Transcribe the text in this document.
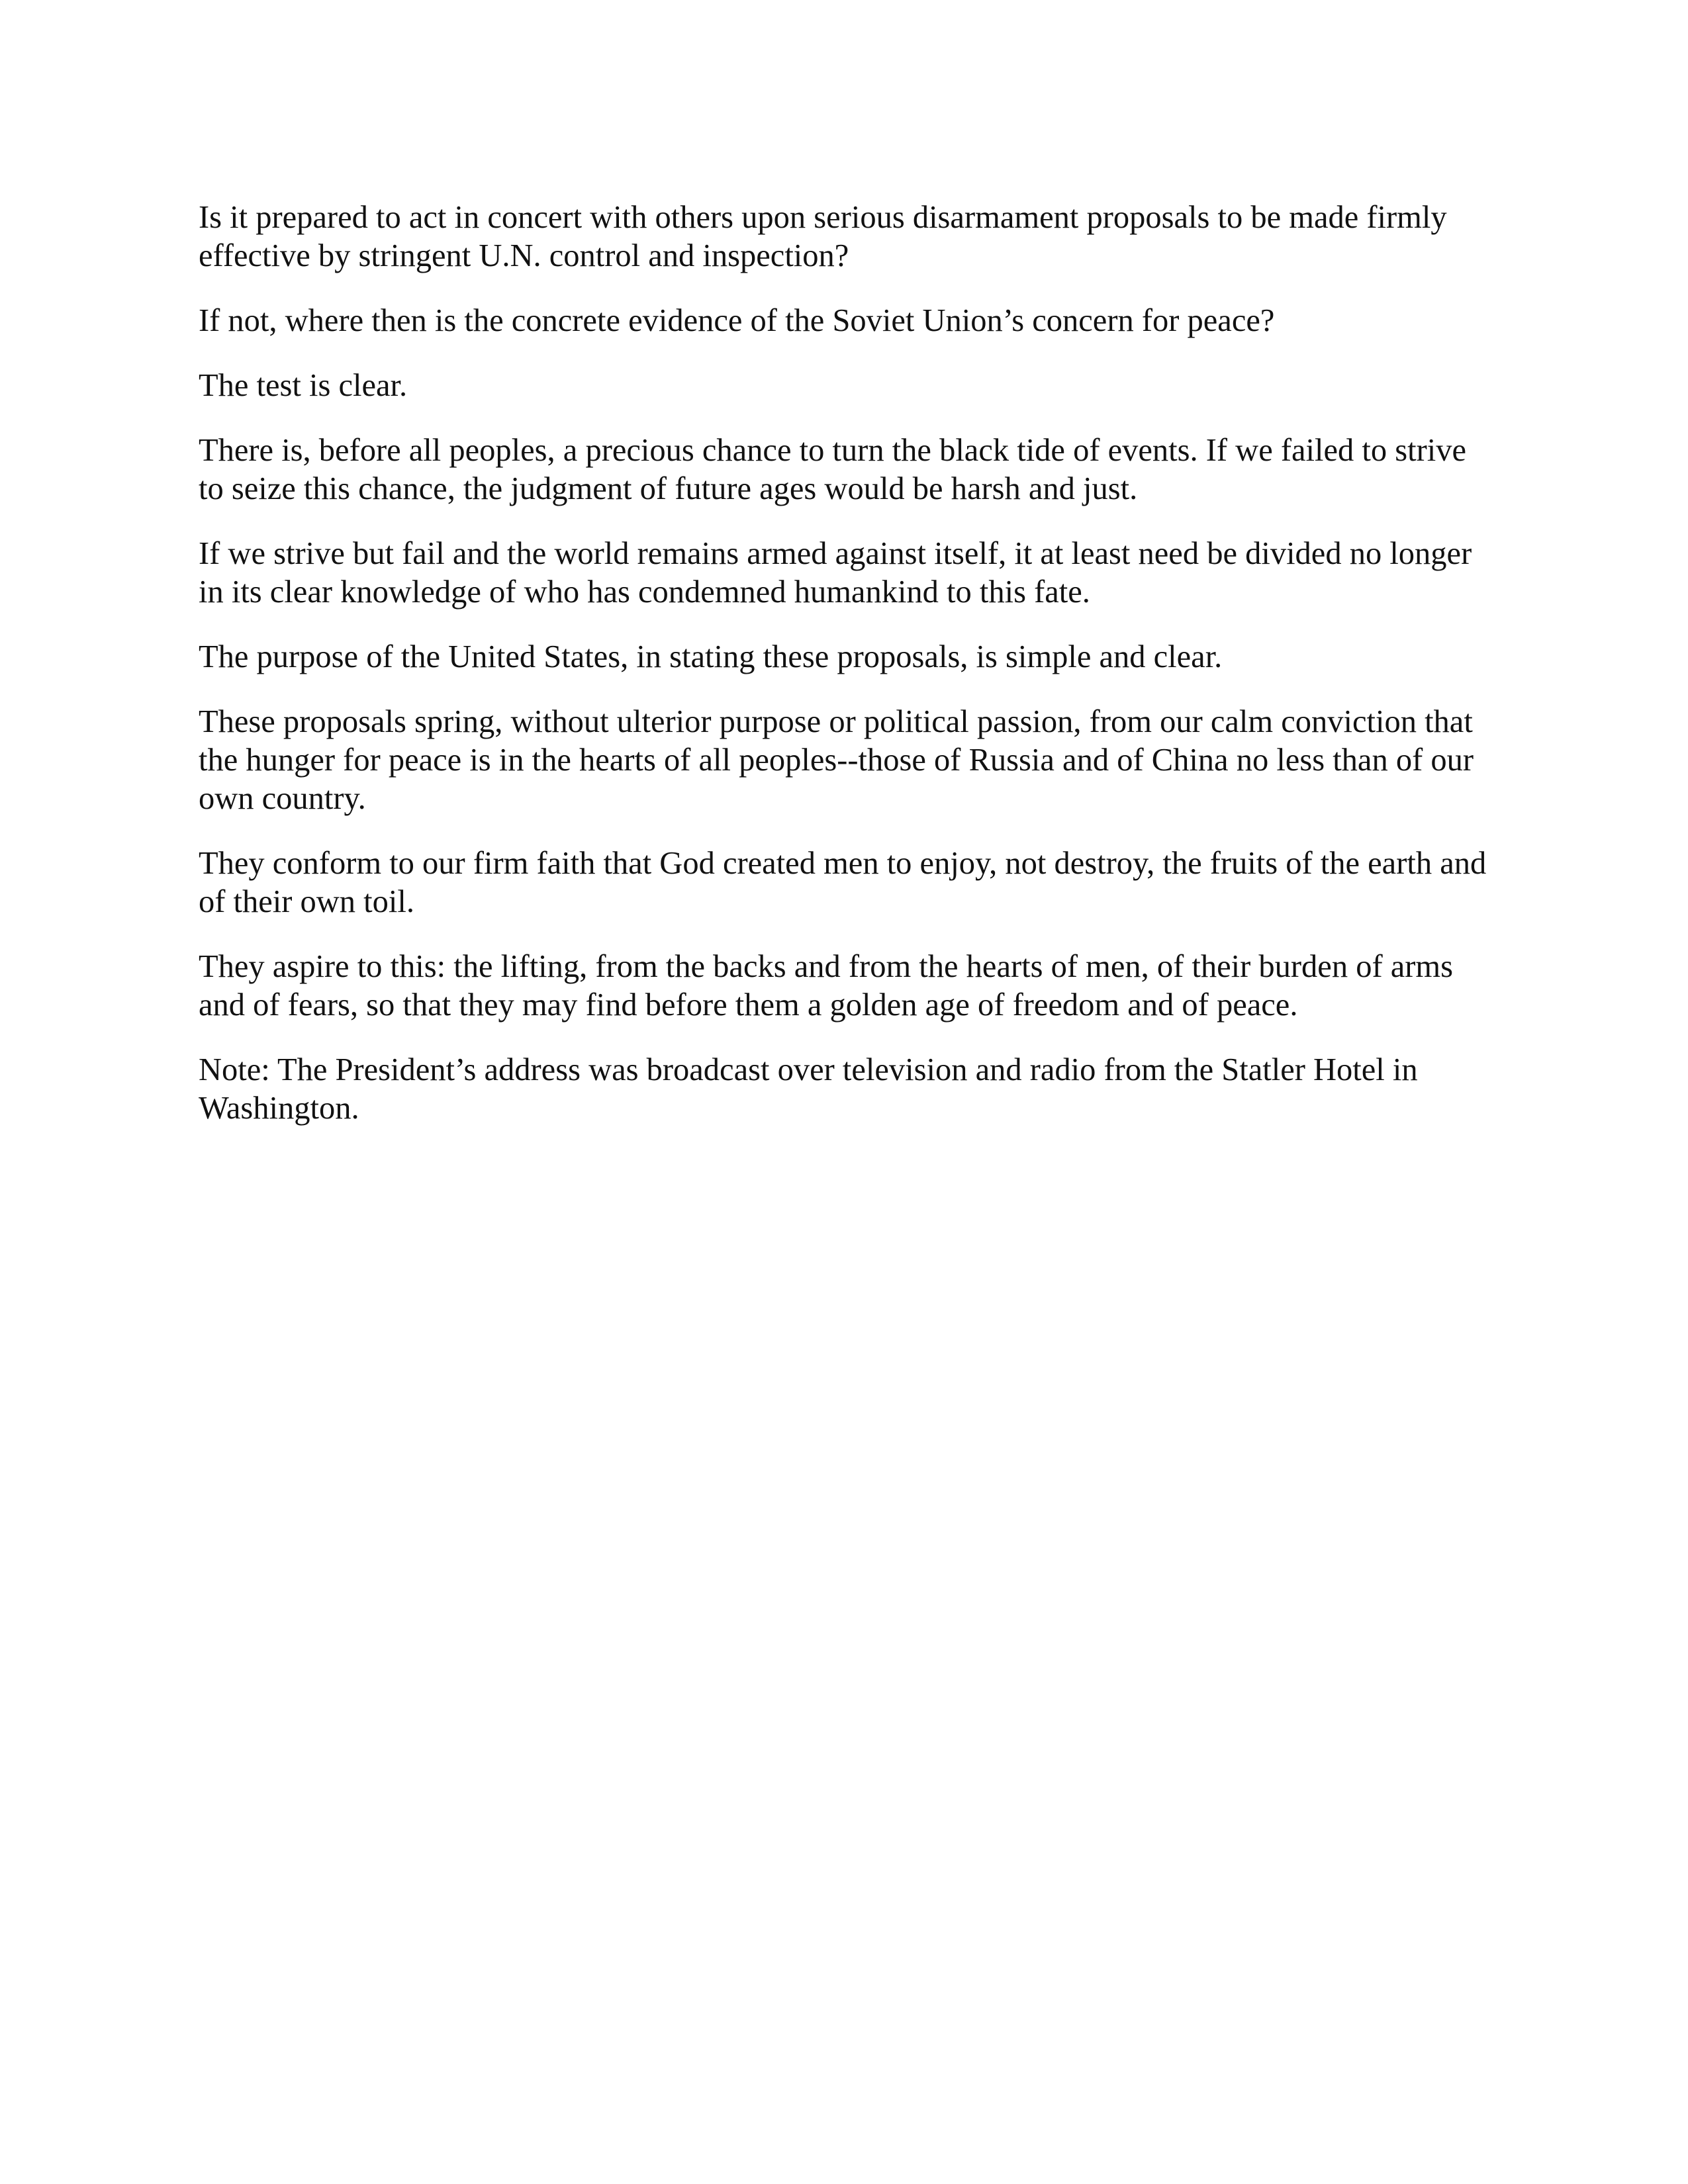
Is it prepared to act in concert with others upon serious disarmament proposals to be made firmly effective by stringent U.N. control and inspection?

If not, where then is the concrete evidence of the Soviet Union’s concern for peace?

The test is clear.

There is, before all peoples, a precious chance to turn the black tide of events. If we failed to strive to seize this chance, the judgment of future ages would be harsh and just.

If we strive but fail and the world remains armed against itself, it at least need be divided no longer in its clear knowledge of who has condemned humankind to this fate.

The purpose of the United States, in stating these proposals, is simple and clear.

These proposals spring, without ulterior purpose or political passion, from our calm conviction that the hunger for peace is in the hearts of all peoples--those of Russia and of China no less than of our own country.

They conform to our firm faith that God created men to enjoy, not destroy, the fruits of the earth and of their own toil.

They aspire to this: the lifting, from the backs and from the hearts of men, of their burden of arms and of fears, so that they may find before them a golden age of freedom and of peace.

Note: The President’s address was broadcast over television and radio from the Statler Hotel in Washington.
